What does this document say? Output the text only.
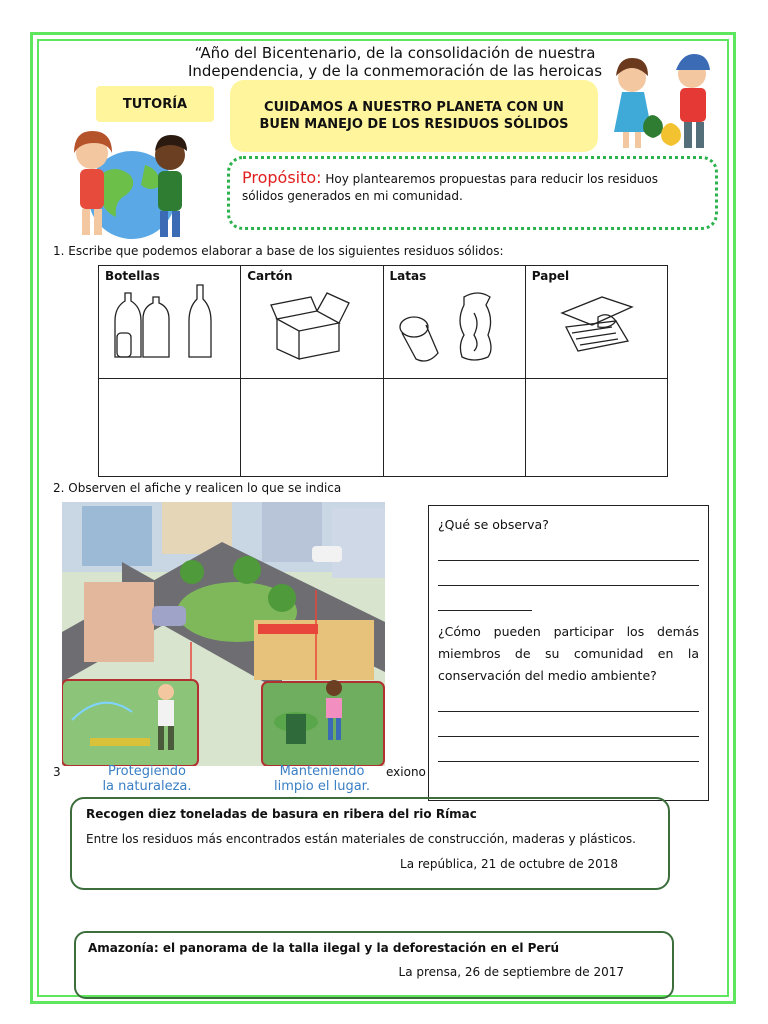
“Año del Bicentenario, de la consolidación de nuestra
Independencia, y de la conmemoración de las heroicas
TUTORÍA	CUIDAMOS A NUESTRO PLANETA CON UN
BUEN MANEJO DE LOS RESIDUOS SÓLIDOS
Propósito: Hoy plantearemos propuestas para reducir los residuos sólidos generados en mi comunidad.
1. Escribe que podemos elaborar a base de los siguientes residuos sólidos:
Botellas	Cartón	Latas	Papel

2. Observen el afiche y realicen lo que se indica
Protegiendo
la naturaleza.
Manteniendo
limpio el lugar.

¿Qué se observa?

¿Cómo pueden participar los demás miembros de su comunidad en la conservación del medio ambiente?

3	exiono
Recogen diez toneladas de basura en ribera del rio Rímac
Entre los residuos más encontrados están materiales de construcción, maderas y plásticos.
La república, 21 de octubre de 2018
Amazonía: el panorama de la talla ilegal y la deforestación en el Perú
La prensa, 26 de septiembre de 2017
